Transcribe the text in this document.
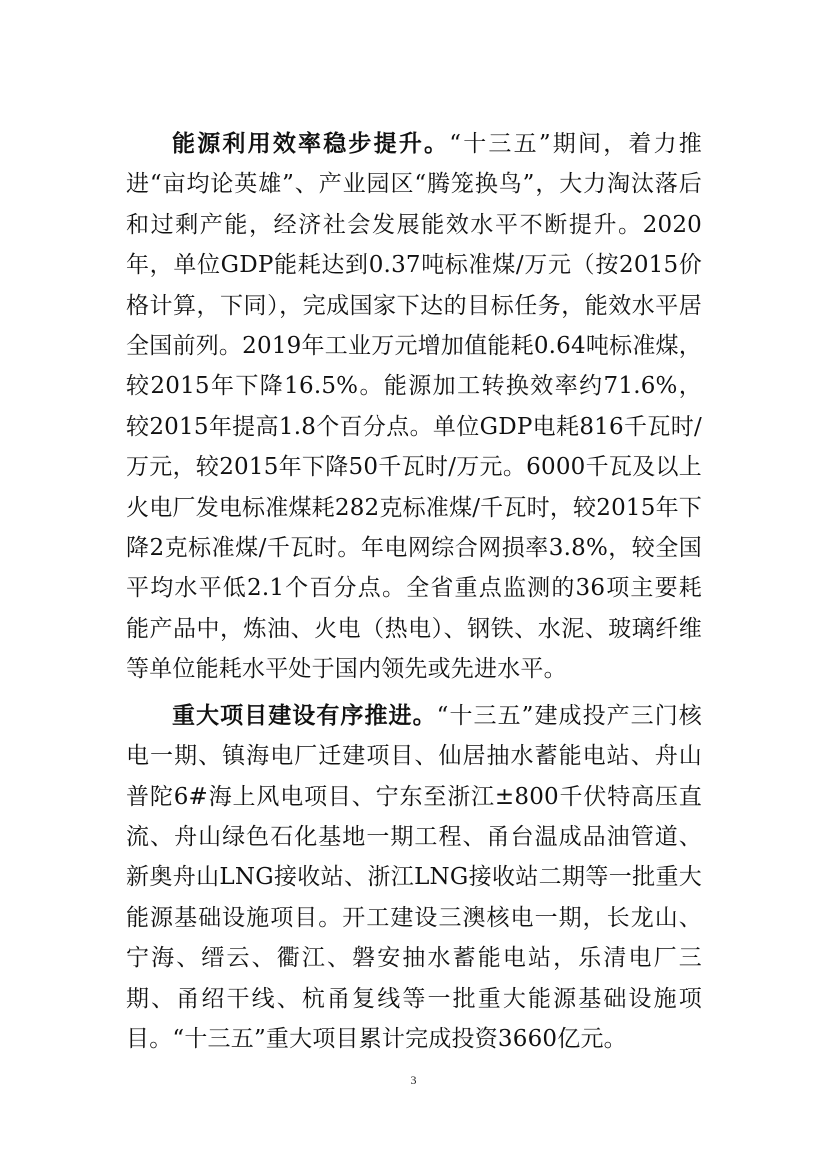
能源利用效率稳步提升。“十三五”期间，着力推进“亩均论英雄”、产业园区“腾笼换鸟”，大力淘汰落后和过剩产能，经济社会发展能效水平不断提升。2020年，单位GDP能耗达到0.37吨标准煤/万元（按2015价格计算，下同），完成国家下达的目标任务，能效水平居全国前列。2019年工业万元增加值能耗0.64吨标准煤，较2015年下降16.5%。能源加工转换效率约71.6%，较2015年提高1.8个百分点。单位GDP电耗816千瓦时/万元，较2015年下降50千瓦时/万元。6000千瓦及以上火电厂发电标准煤耗282克标准煤/千瓦时，较2015年下降2克标准煤/千瓦时。年电网综合网损率3.8%，较全国平均水平低2.1个百分点。全省重点监测的36项主要耗能产品中，炼油、火电（热电）、钢铁、水泥、玻璃纤维等单位能耗水平处于国内领先或先进水平。

重大项目建设有序推进。“十三五”建成投产三门核电一期、镇海电厂迁建项目、仙居抽水蓄能电站、舟山普陀6#海上风电项目、宁东至浙江±800千伏特高压直流、舟山绿色石化基地一期工程、甬台温成品油管道、新奥舟山LNG接收站、浙江LNG接收站二期等一批重大能源基础设施项目。开工建设三澳核电一期，长龙山、宁海、缙云、衢江、磐安抽水蓄能电站，乐清电厂三期、甬绍干线、杭甬复线等一批重大能源基础设施项目。“十三五”重大项目累计完成投资3660亿元。

3
